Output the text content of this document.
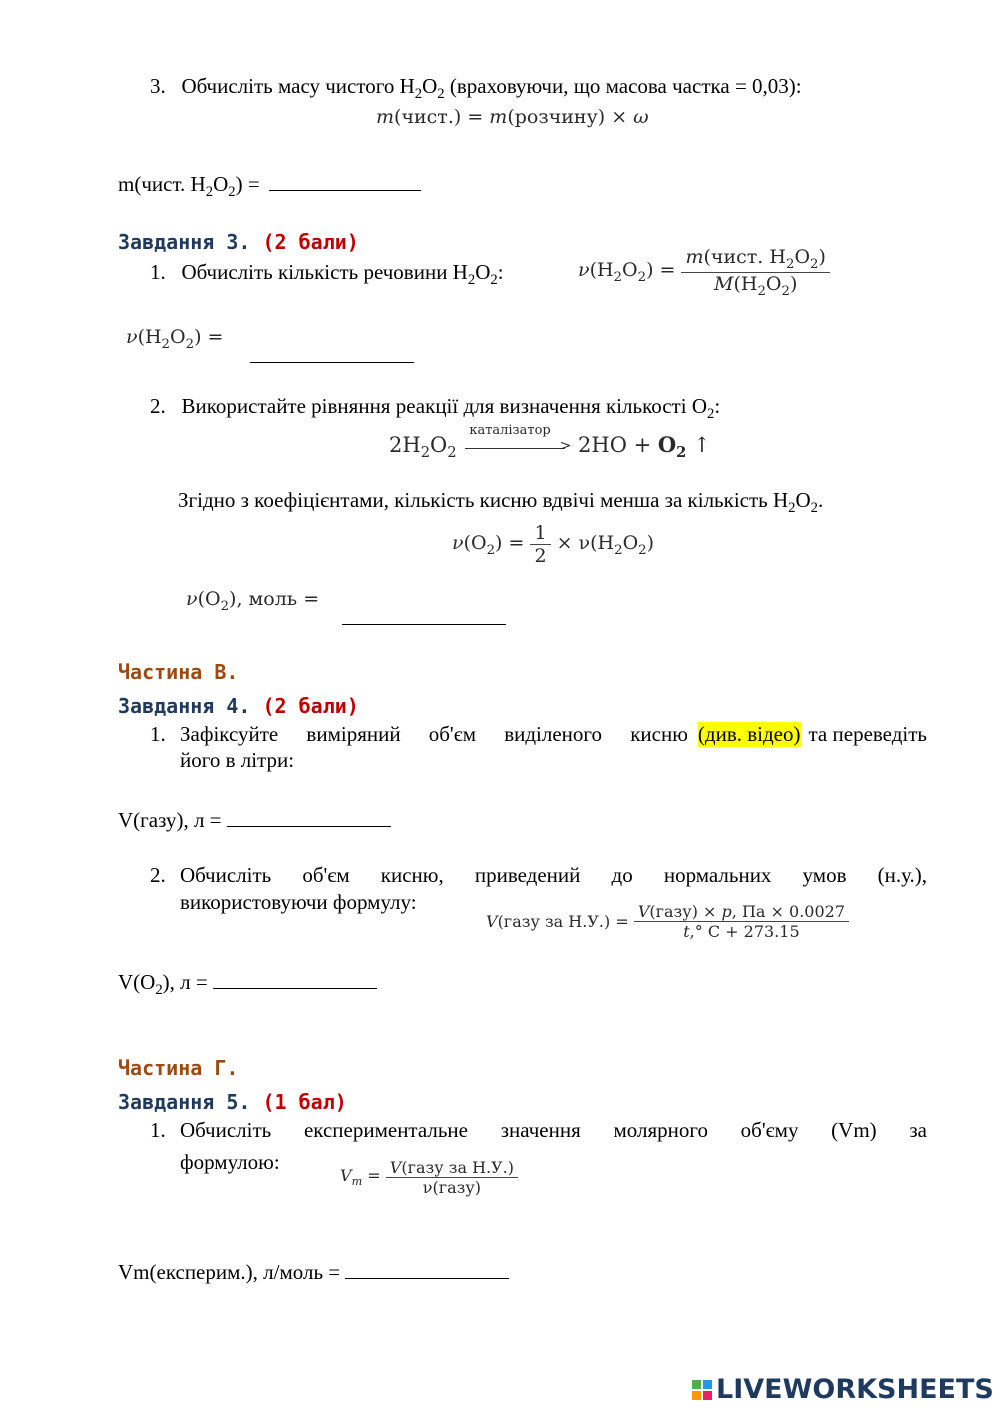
3. Обчисліть масу чистого $H_2O_2$ (враховуючи, що масова частка = 0,03):
m(чист.) = m(розчину) × ω
m(чист. $H_2O_2$) =
Завдання 3. (2 бали)
1. Обчисліть кількість речовини $H_2O_2$:	$\nu(H_2O_2) = \frac{m(чист. H_2O_2)}{M(H_2O_2)}$
$\nu(H_2O_2)$ =
2. Використайте рівняння реакції для визначення кількості $O_2$:
$2H_2O_2$
каталізатор
> $2HO + O_2$ ↑
Згідно з коефіцієнтами, кількість кисню вдвічі менша за кількість $H_2O_2$.
$\nu(O_2) = \frac{1}{2} \times \nu(H_2O_2)$
$\nu(O_2)$, моль =
Частина В.
Завдання 4. (2 бали)
1. Зафіксуйте виміряний об'єм виділеного кисню (див. відео) та переведіть
його в літри:
V(газу), л =
2. Обчисліть об'єм кисню, приведений до нормальних умов (н.у.),
використовуючи формулу:
V(газу за $Н.У.) = \frac{\text{V(газу) × p, Па × 0.0027}}{t,^\circ C + 273.15}$
$V(O_2)$, л =
Частина Г.
Завдання 5. (1 бал)
1. Обчисліть експериментальне значення молярного об'єму (Vm) за
формулою:
$V_m = \frac{\text{V(газу за Н.У.)}}{\text{ν(газу)}}$
Vm(експерим.), л/моль =
LIVEWORKSHEETS
